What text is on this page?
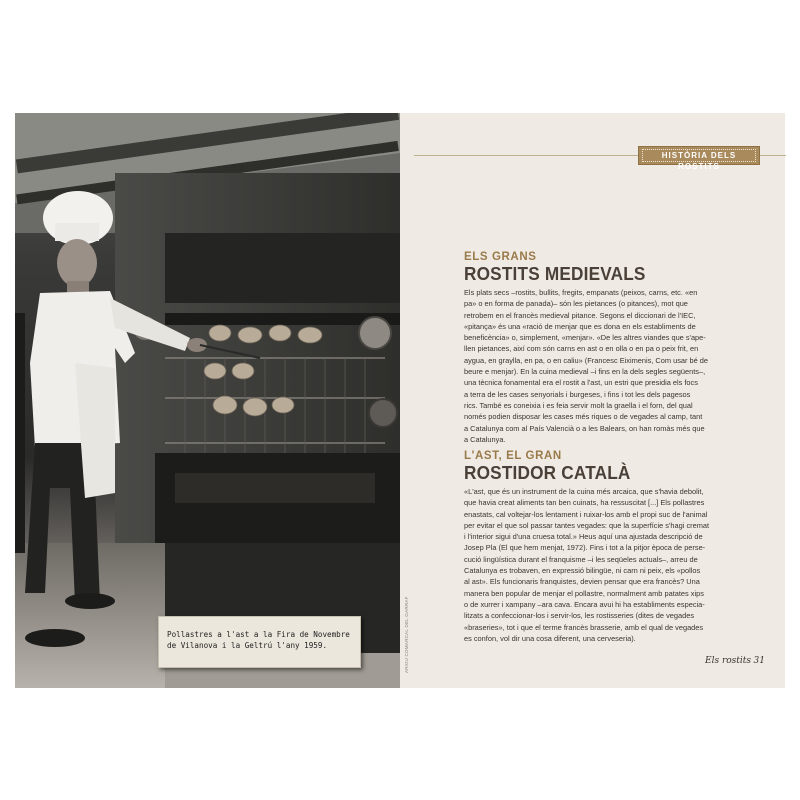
Pollastres a l'ast a la Fira de Novembre

de Vilanova i la Geltrú l'any 1959.	ARXIU COMARCAL DEL GARRAF
HISTÒRIA DELS ROSTITS
ELS GRANS
ROSTITS MEDIEVALS

Els plats secs –rostits, bullits, fregits, empanats (peixos, carns, etc. «en

pa» o en forma de panada)– són les pietances (o pitances), mot que

retrobem en el francès medieval pitance. Segons el diccionari de l'IEC,

«pitança» és una «ració de menjar que es dona en els establiments de

beneficència» o, simplement, «menjar». «De les altres viandes que s'ape-

llen pietances, així com són carns en ast o en olla o en pa o peix frit, en

aygua, en graylla, en pa, o en caliu» (Francesc Eiximenis, Com usar bé de

beure e menjar). En la cuina medieval –i fins en la dels segles següents–,

una tècnica fonamental era el rostit a l'ast, un estri que presidia els focs

a terra de les cases senyorials i burgeses, i fins i tot les dels pagesos

rics. També es coneixia i es feia servir molt la graella i el forn, del qual

només podien disposar les cases més riques o de vegades al camp, tant

a Catalunya com al País Valencià o a les Balears, on han romàs més que

a Catalunya.

L'AST, EL GRAN
ROSTIDOR CATALÀ

«L'ast, que és un instrument de la cuina més arcaica, que s'havia debolit,

que havia creat aliments tan ben cuinats, ha ressuscitat [...] Els pollastres

enastats, cal voltejar-los lentament i ruixar-los amb el propi suc de l'animal

per evitar el que sol passar tantes vegades: que la superfície s'hagi cremat

i l'interior sigui d'una cruesa total.» Heus aquí una ajustada descripció de

Josep Pla (El que hem menjat, 1972). Fins i tot a la pitjor època de perse-

cució lingüística durant el franquisme –i les seqüeles actuals–, arreu de

Catalunya es trobaven, en expressió bilingüe, ni carn ni peix, els «pollos

al ast». Els funcionaris franquistes, devien pensar que era francès? Una

manera ben popular de menjar el pollastre, normalment amb patates xips

o de xurrer i xampany –ara cava. Encara avui hi ha establiments especia-

litzats a confeccionar-los i servir-los, les rostisseries (dites de vegades

«braseries», tot i que el terme francès brasserie, amb el qual de vegades

es confon, vol dir una cosa diferent, una cerveseria).

Els rostits 31
